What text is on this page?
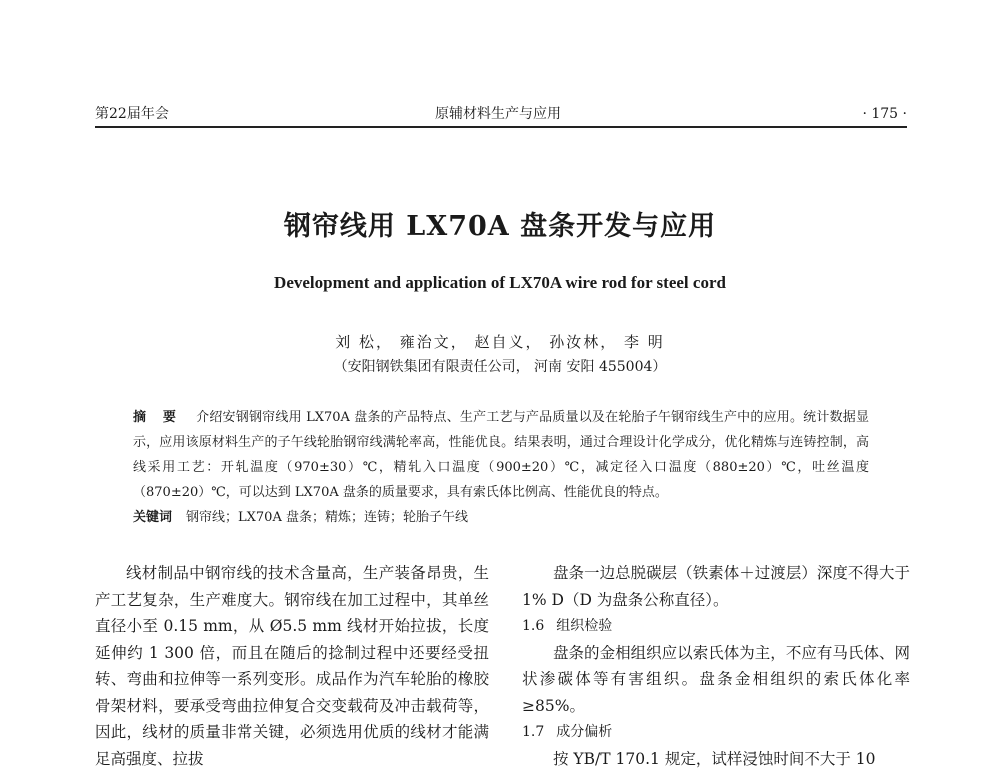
第22届年会	原辅材料生产与应用	· 175 ·
钢帘线用 LX70A 盘条开发与应用
Development and application of LX70A wire rod for steel cord
刘 松， 雍治文， 赵自义， 孙汝林， 李 明
（安阳钢铁集团有限责任公司， 河南 安阳 455004）
摘 要 介绍安钢钢帘线用 LX70A 盘条的产品特点、生产工艺与产品质量以及在轮胎子午钢帘线生产中的应用。统计数据显示，应用该原材料生产的子午线轮胎钢帘线满轮率高，性能优良。结果表明，通过合理设计化学成分，优化精炼与连铸控制，高线采用工艺：开轧温度（970±30）℃，精轧入口温度（900±20）℃，减定径入口温度（880±20）℃，吐丝温度（870±20）℃，可以达到 LX70A 盘条的质量要求，具有索氏体比例高、性能优良的特点。
关键词 钢帘线；LX70A 盘条；精炼；连铸；轮胎子午线

线材制品中钢帘线的技术含量高，生产装备昂贵，生产工艺复杂，生产难度大。钢帘线在加工过程中，其单丝直径小至 0.15 mm，从 Ø5.5 mm 线材开始拉拔，长度延伸约 1 300 倍，而且在随后的捻制过程中还要经受扭转、弯曲和拉伸等一系列变形。成品作为汽车轮胎的橡胶骨架材料，要承受弯曲拉伸复合交变载荷及冲击载荷等，因此，线材的质量非常关键，必须选用优质的线材才能满足高强度、拉拔

盘条一边总脱碳层（铁素体＋过渡层）深度不得大于 1% D（D 为盘条公称直径）。

1.6 组织检验

盘条的金相组织应以索氏体为主，不应有马氏体、网状渗碳体等有害组织。盘条金相组织的索氏体化率≥85%。

1.7 成分偏析

按 YB/T 170.1 规定，试样浸蚀时间不大于 10
